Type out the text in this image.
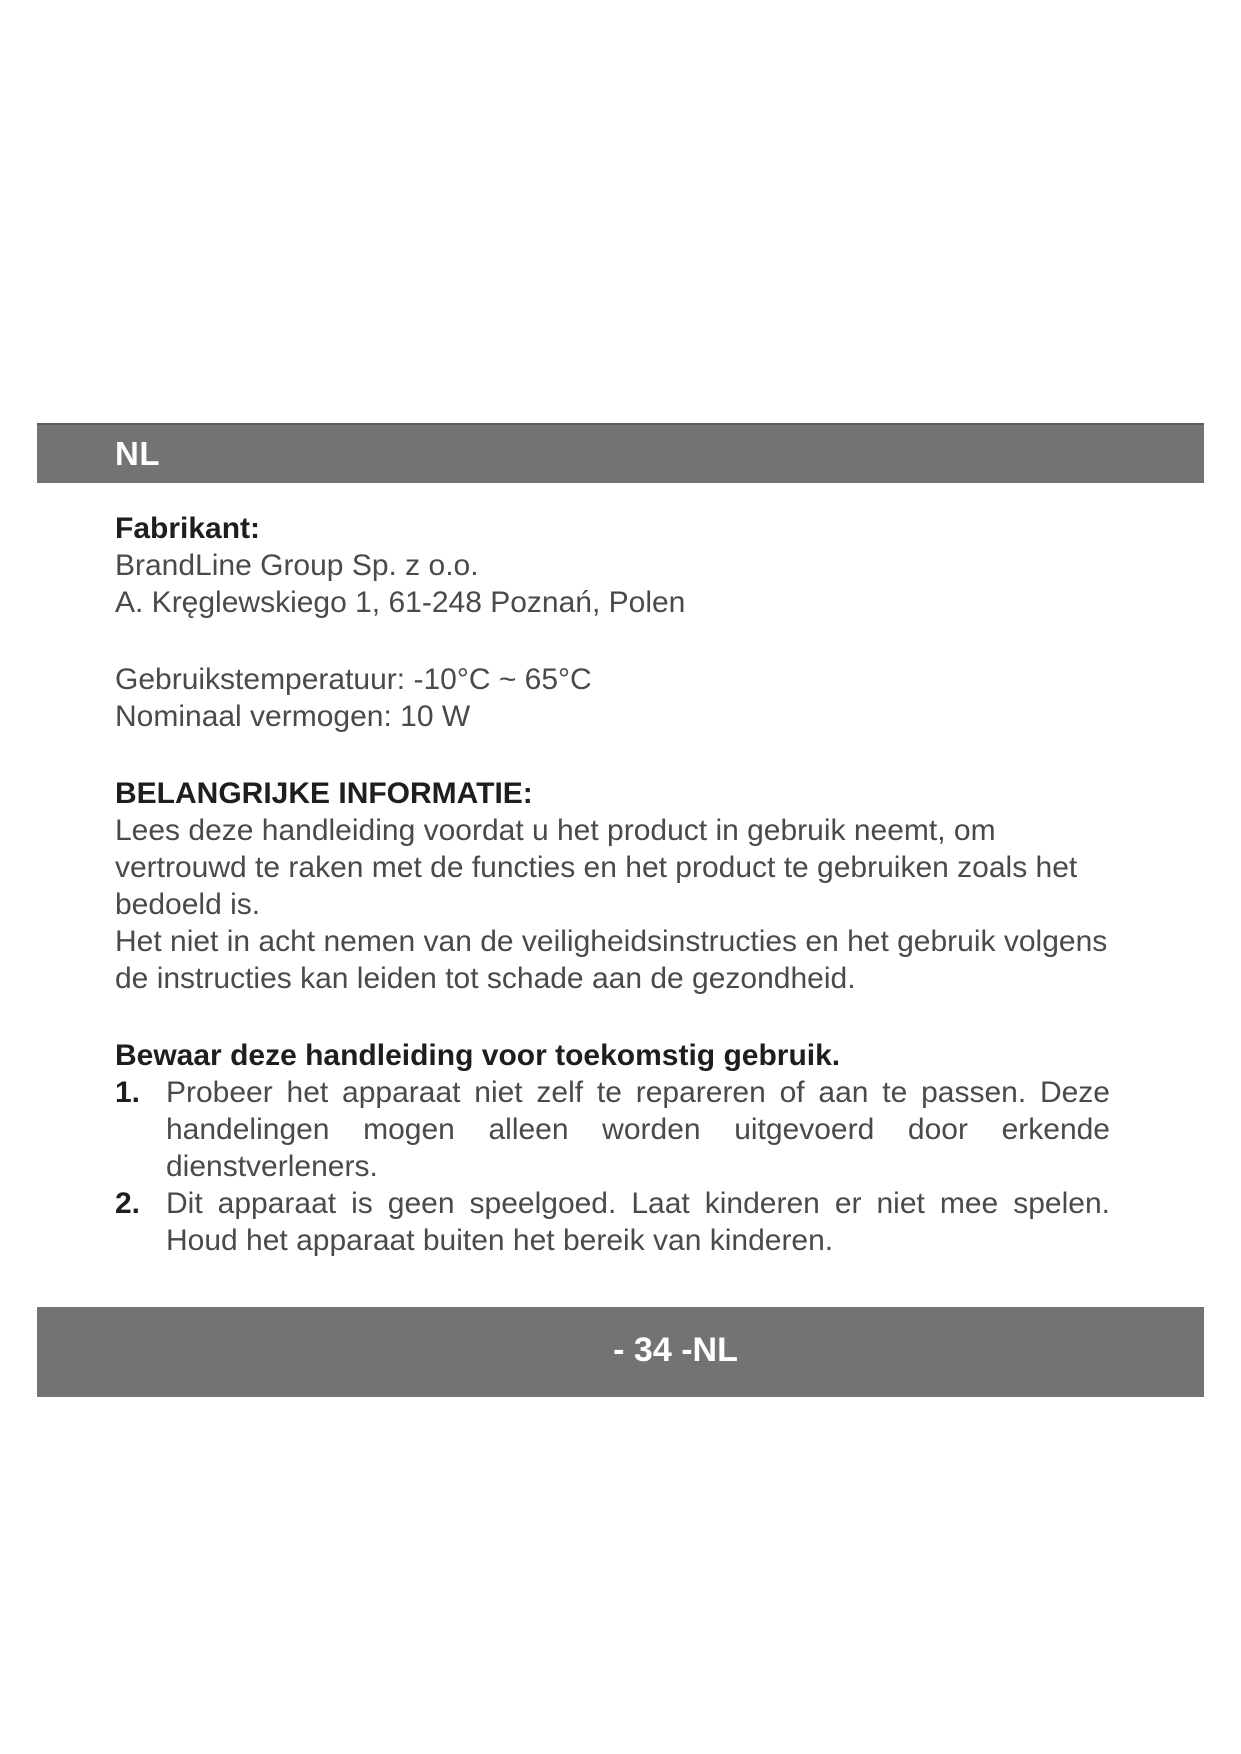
NL

Fabrikant:

BrandLine Group Sp. z o.o.

A. Kręglewskiego 1, 61-248 Poznań, Polen

Gebruikstemperatuur: -10°C ~ 65°C

Nominaal vermogen: 10 W

BELANGRIJKE INFORMATIE:

Lees deze handleiding voordat u het product in gebruik neemt, om vertrouwd te raken met de functies en het product te gebruiken zoals het bedoeld is.

Het niet in acht nemen van de veiligheidsinstructies en het gebruik volgens de instructies kan leiden tot schade aan de gezondheid.

Bewaar deze handleiding voor toekomstig gebruik.

1. Probeer het apparaat niet zelf te repareren of aan te passen. Deze handelingen mogen alleen worden uitgevoerd door erkende dienstverleners.
2. Dit apparaat is geen speelgoed. Laat kinderen er niet mee spelen. Houd het apparaat buiten het bereik van kinderen.
- 34 -NL
